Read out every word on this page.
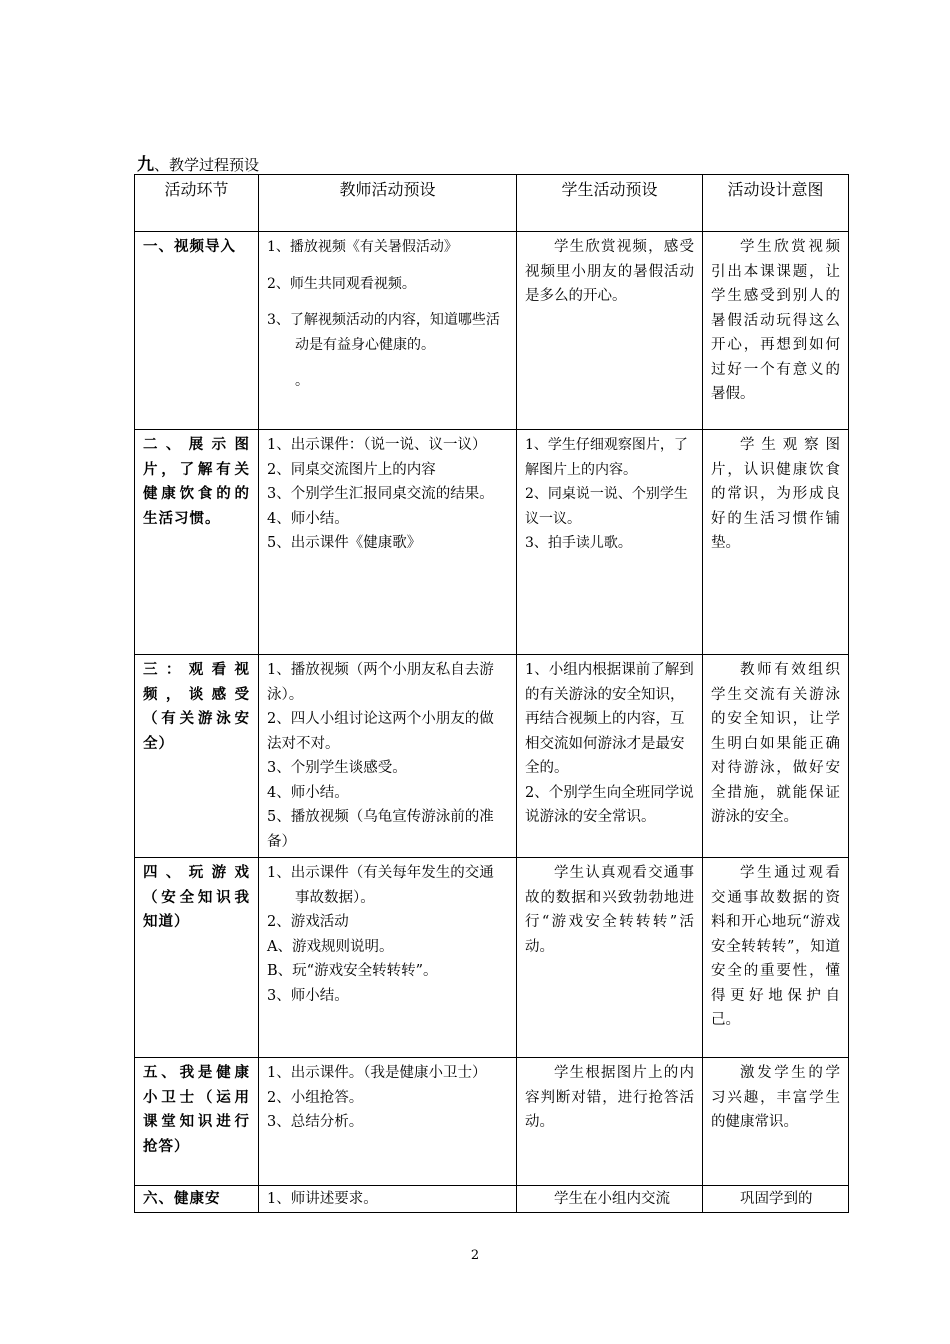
九、教学过程预设
活动环节	教师活动预设	学生活动预设	活动设计意图
一、视频导入	1、播放视频《有关暑假活动》
2、师生共同观看视频。
3、了解视频活动的内容，知道哪些活动是有益身心健康的。
。	学生欣赏视频，感受视频里小朋友的暑假活动是多么的开心。	学生欣赏视频引出本课课题，让学生感受到别人的暑假活动玩得这么开心，再想到如何过好一个有意义的暑假。

二、展示图片，了解有关健康饮食的的生活习惯。	1、出示课件：（说一说、议一议）
2、同桌交流图片上的内容
3、个别学生汇报同桌交流的结果。
4、师小结。
5、出示课件《健康歌》	1、学生仔细观察图片，了解图片上的内容。
2、同桌说一说、个别学生议一议。
3、拍手读儿歌。	学生观察图片，认识健康饮食的常识，为形成良好的生活习惯作铺垫。

三：观看视频，谈感受（有关游泳安全）	1、播放视频（两个小朋友私自去游泳）。
2、四人小组讨论这两个小朋友的做法对不对。
3、个别学生谈感受。
4、师小结。
5、播放视频（乌龟宣传游泳前的准备）	1、小组内根据课前了解到的有关游泳的安全知识，再结合视频上的内容，互相交流如何游泳才是最安全的。
2、个别学生向全班同学说说游泳的安全常识。	教师有效组织学生交流有关游泳的安全知识，让学生明白如果能正确对待游泳，做好安全措施，就能保证游泳的安全。

四、玩游戏（安全知识我知道）	1、出示课件（有关每年发生的交通事故数据）。
2、游戏活动
A、游戏规则说明。
B、玩“游戏安全转转转”。
3、师小结。	学生认真观看交通事故的数据和兴致勃勃地进行“游戏安全转转转”活动。	学生通过观看交通事故数据的资料和开心地玩“游戏安全转转转”，知道安全的重要性，懂得更好地保护自己。

五、我是健康小卫士（运用课堂知识进行抢答）	1、出示课件。（我是健康小卫士）
2、小组抢答。
3、总结分析。	学生根据图片上的内容判断对错，进行抢答活动。	激发学生的学习兴趣，丰富学生的健康常识。

六、健康安	1、师讲述要求。	学生在小组内交流	巩固学到的
2
